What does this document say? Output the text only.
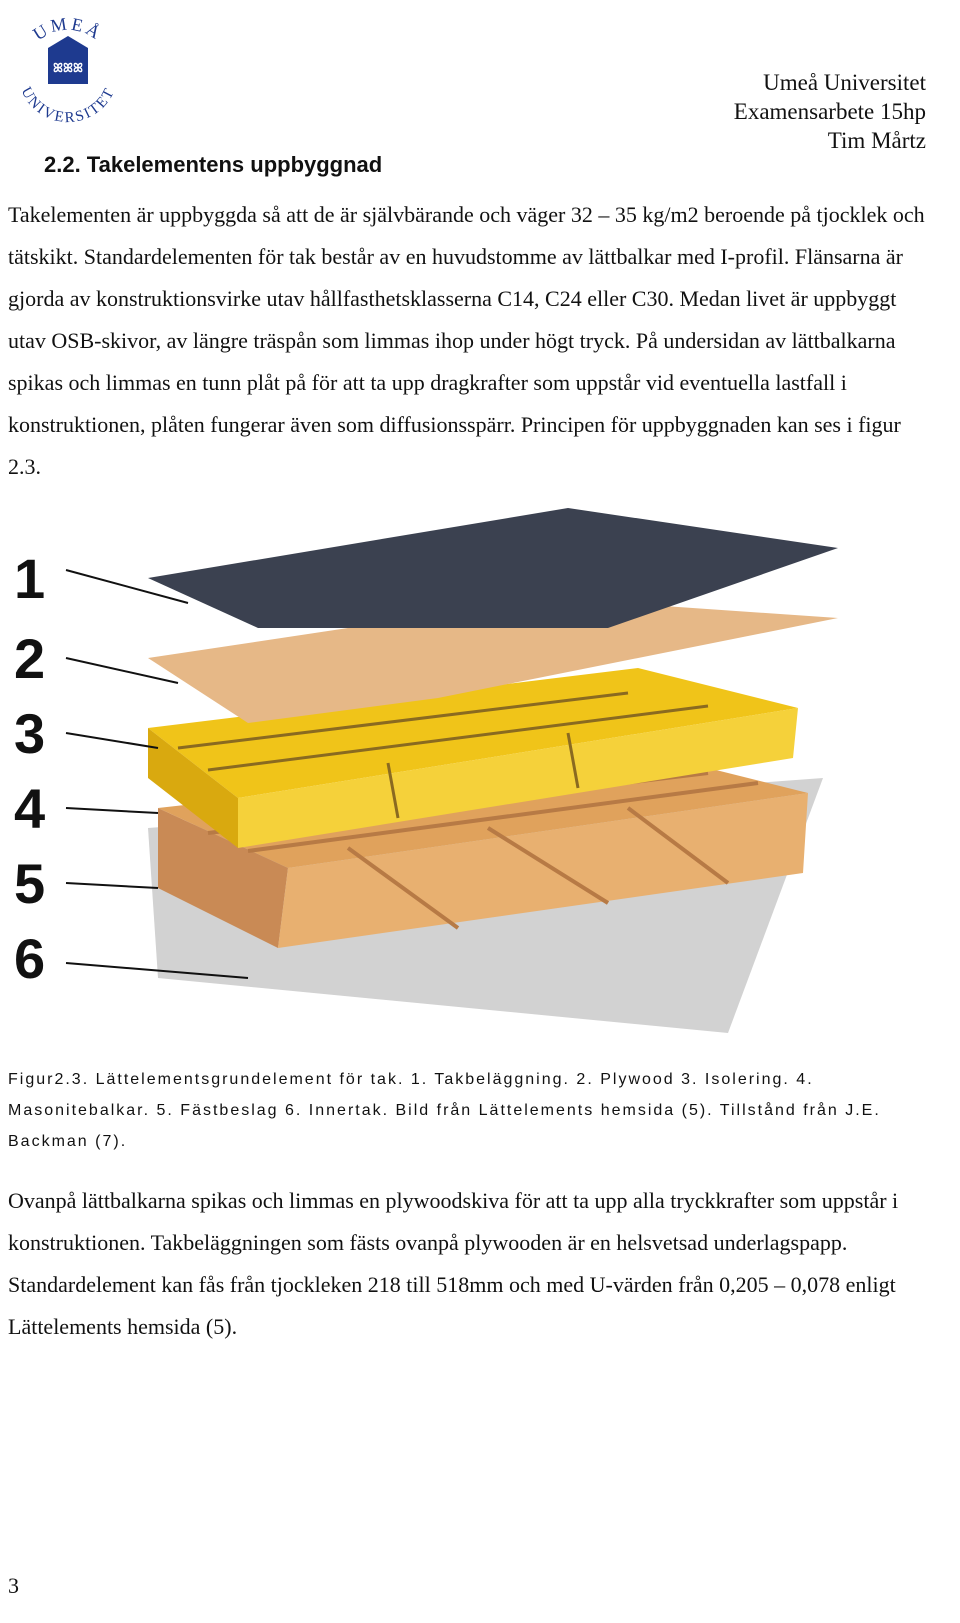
UMEÅ
UNIVERSITET
ꕤꕤꕤ
Umeå Universitet
Examensarbete 15hp
Tim Mårtz
2.2. Takelementens uppbyggnad
Takelementen är uppbyggda så att de är självbärande och väger 32 – 35 kg/m2 beroende på tjocklek och tätskikt. Standardelementen för tak består av en huvudstomme av lättbalkar med I-profil. Flänsarna är gjorda av konstruktionsvirke utav hållfasthetsklasserna C14, C24 eller C30. Medan livet är uppbyggt utav OSB-skivor, av längre träspån som limmas ihop under högt tryck. På undersidan av lättbalkarna spikas och limmas en tunn plåt på för att ta upp dragkrafter som uppstår vid eventuella lastfall i konstruktionen, plåten fungerar även som diffusionsspärr. Principen för uppbyggnaden kan ses i figur 2.3.
1
2
3
4
5
6
Figur2.3. Lättelementsgrundelement för tak. 1. Takbeläggning. 2. Plywood 3. Isolering. 4. Masonitebalkar. 5. Fästbeslag 6. Innertak. Bild från Lättelements hemsida (5). Tillstånd från J.E. Backman (7).
Ovanpå lättbalkarna spikas och limmas en plywoodskiva för att ta upp alla tryckkrafter som uppstår i konstruktionen. Takbeläggningen som fästs ovanpå plywooden är en helsvetsad underlagspapp. Standardelement kan fås från tjockleken 218 till 518mm och med U-värden från 0,205 – 0,078 enligt Lättelements hemsida (5).
3
